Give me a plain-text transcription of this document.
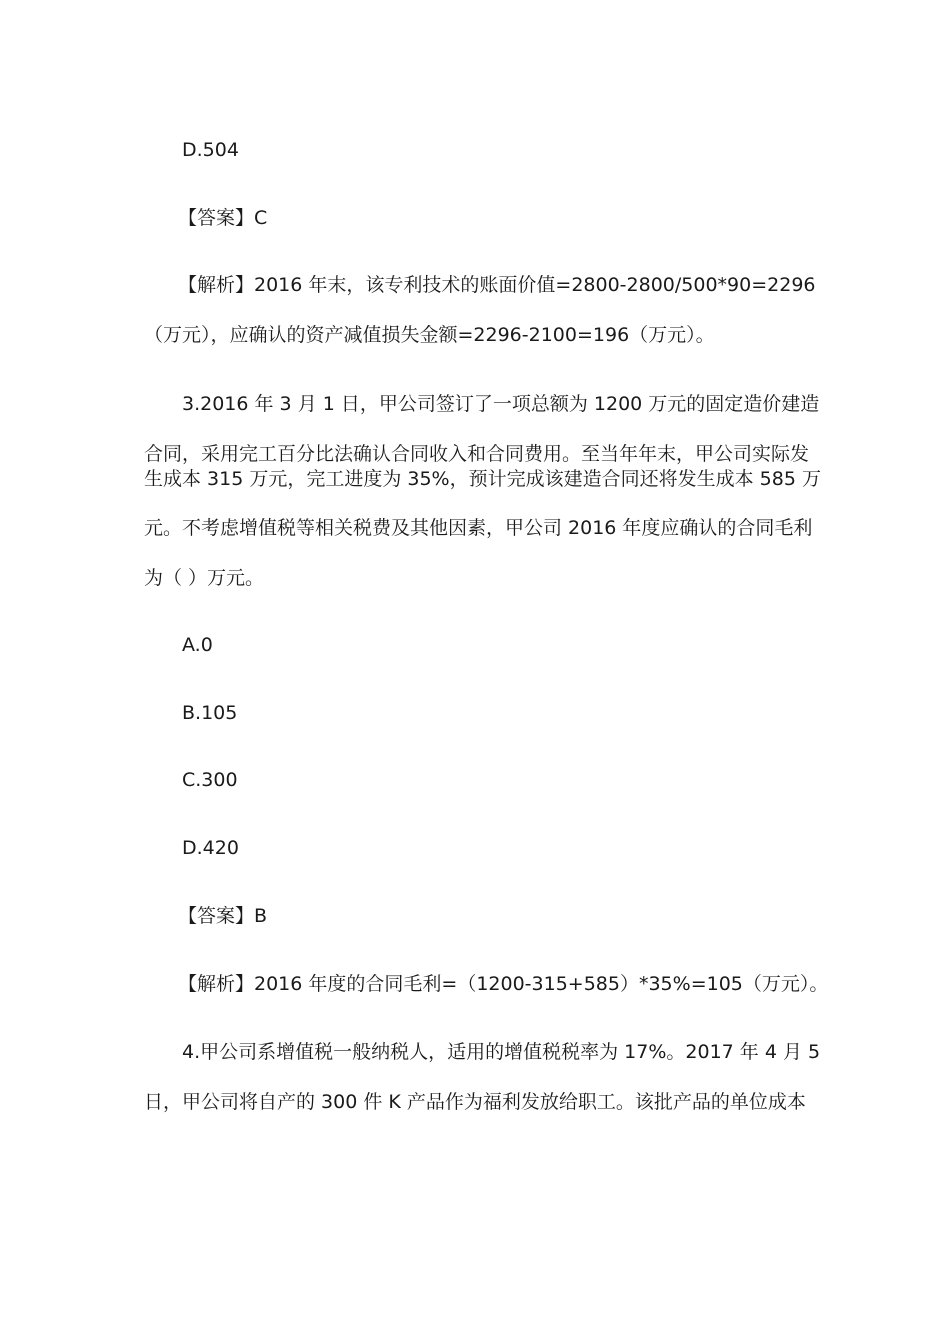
D.504
【答案】C
【解析】2016 年末，该专利技术的账面价值=2800-2800/500*90=2296
（万元），应确认的资产减值损失金额=2296-2100=196（万元）。
3.2016 年 3 月 1 日，甲公司签订了一项总额为 1200 万元的固定造价建造
合同，采用完工百分比法确认合同收入和合同费用。至当年年末，甲公司实际发
生成本 315 万元，完工进度为 35%，预计完成该建造合同还将发生成本 585 万
元。不考虑增值税等相关税费及其他因素，甲公司 2016 年度应确认的合同毛利
为（ ）万元。
A.0
B.105
C.300
D.420
【答案】B
【解析】2016 年度的合同毛利=（1200-315+585）*35%=105（万元）。
4.甲公司系增值税一般纳税人，适用的增值税税率为 17%。2017 年 4 月 5
日，甲公司将自产的 300 件 K 产品作为福利发放给职工。该批产品的单位成本
